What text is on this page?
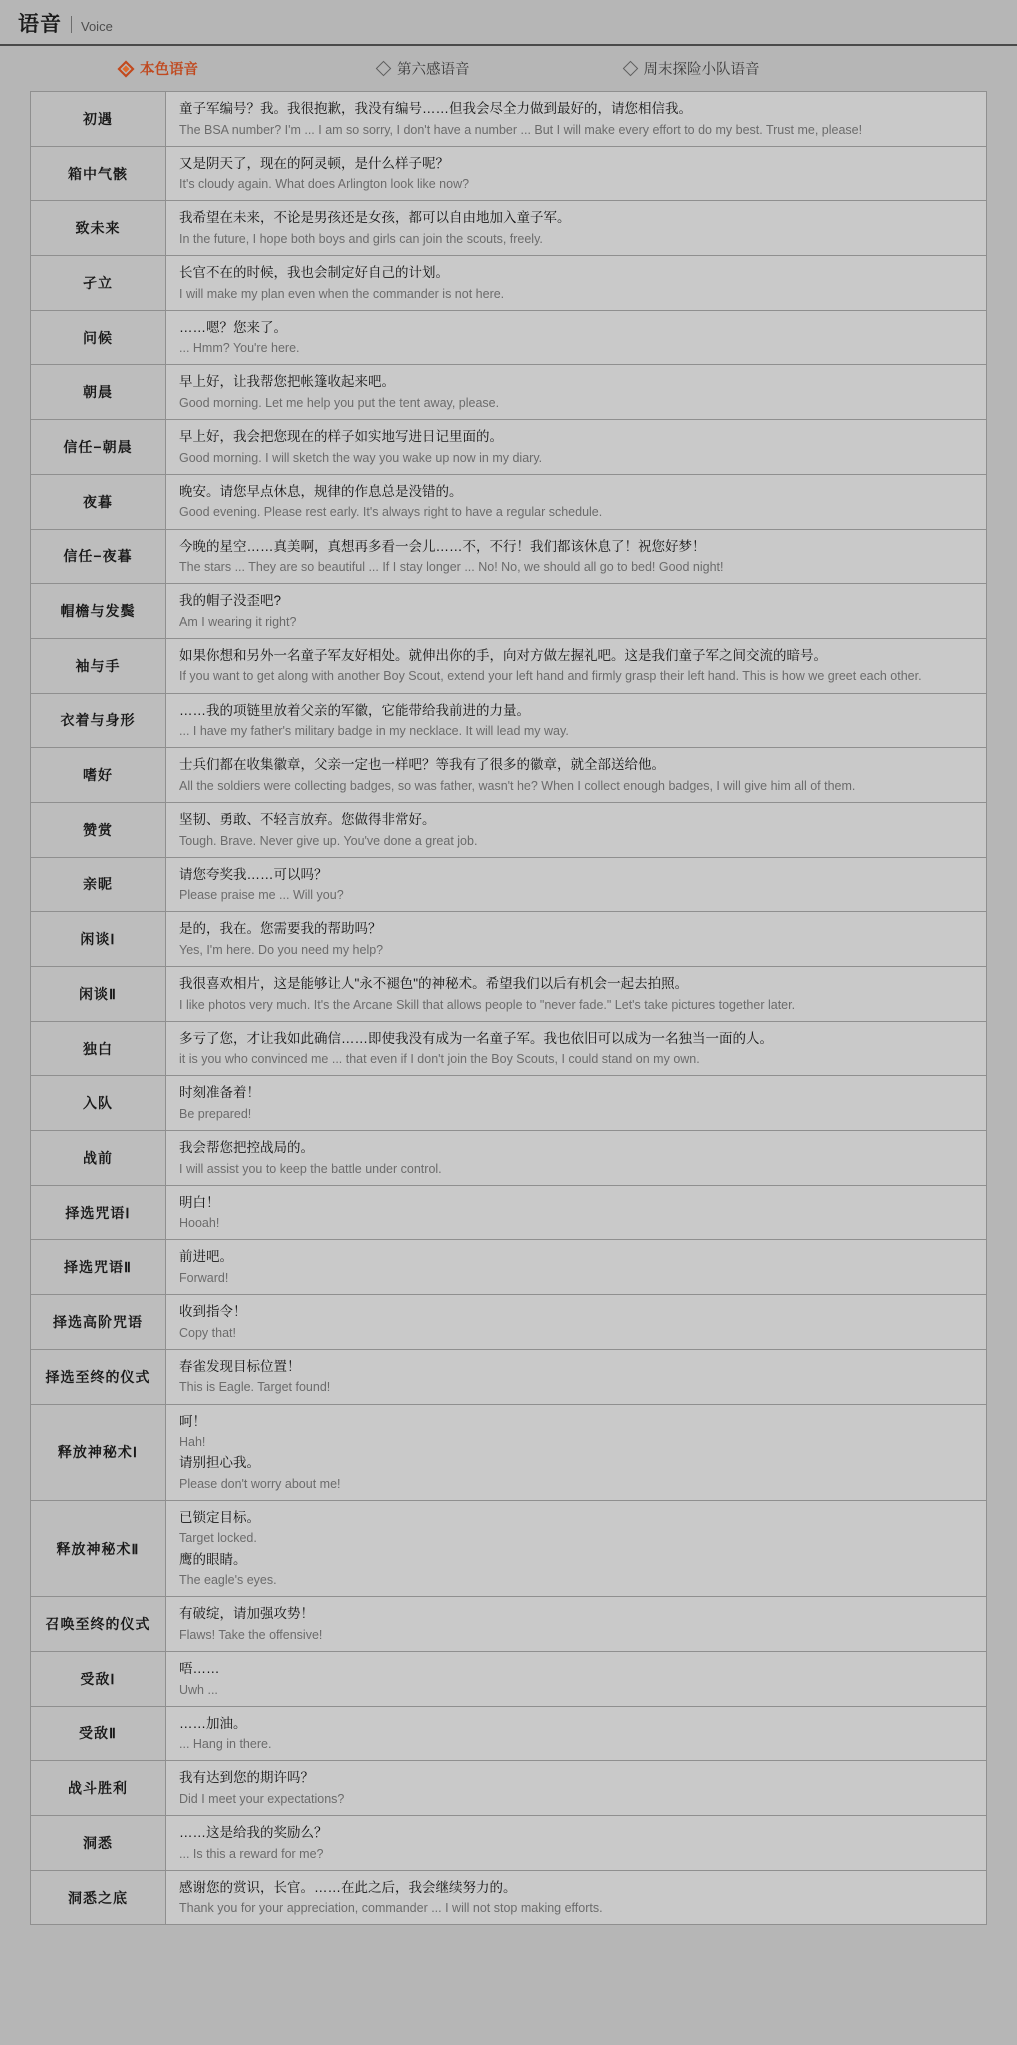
语音 Voice
本色语音	第六感语音	周末探险小队语音
初遇
童子军编号？我。我很抱歉，我没有编号……但我会尽全力做到最好的，请您相信我。
The BSA number? I'm ... I am so sorry, I don't have a number ... But I will make every effort to do my best. Trust me, please!
箱中气骸
又是阴天了，现在的阿灵顿，是什么样子呢？
It's cloudy again. What does Arlington look like now?
致未来
我希望在未来，不论是男孩还是女孩，都可以自由地加入童子军。
In the future, I hope both boys and girls can join the scouts, freely.
孑立
长官不在的时候，我也会制定好自己的计划。
I will make my plan even when the commander is not here.
问候
……嗯？您来了。
... Hmm? You're here.
朝晨
早上好，让我帮您把帐篷收起来吧。
Good morning. Let me help you put the tent away, please.
信任−朝晨
早上好，我会把您现在的样子如实地写进日记里面的。
Good morning. I will sketch the way you wake up now in my diary.
夜暮
晚安。请您早点休息，规律的作息总是没错的。
Good evening. Please rest early. It's always right to have a regular schedule.
信任−夜暮
今晚的星空……真美啊，真想再多看一会儿……不，不行！我们都该休息了！祝您好梦！
The stars ... They are so beautiful ... If I stay longer ... No! No, we should all go to bed! Good night!
帽檐与发鬓
我的帽子没歪吧?
Am I wearing it right?
袖与手
如果你想和另外一名童子军友好相处。就伸出你的手，向对方做左握礼吧。这是我们童子军之间交流的暗号。
If you want to get along with another Boy Scout, extend your left hand and firmly grasp their left hand. This is how we greet each other.
衣着与身形
……我的项链里放着父亲的军徽，它能带给我前进的力量。
... I have my father's military badge in my necklace. It will lead my way.
嗜好
士兵们都在收集徽章，父亲一定也一样吧？等我有了很多的徽章，就全部送给他。
All the soldiers were collecting badges, so was father, wasn't he? When I collect enough badges, I will give him all of them.
赞赏
坚韧、勇敢、不轻言放弃。您做得非常好。
Tough. Brave. Never give up. You've done a great job.
亲昵
请您夸奖我……可以吗？
Please praise me ... Will you?
闲谈Ⅰ
是的，我在。您需要我的帮助吗？
Yes, I'm here. Do you need my help?
闲谈Ⅱ
我很喜欢相片，这是能够让人"永不褪色"的神秘术。希望我们以后有机会一起去拍照。
I like photos very much. It's the Arcane Skill that allows people to "never fade." Let's take pictures together later.
独白
多亏了您，才让我如此确信……即使我没有成为一名童子军。我也依旧可以成为一名独当一面的人。
it is you who convinced me ... that even if I don't join the Boy Scouts, I could stand on my own.
入队
时刻准备着！
Be prepared!
战前
我会帮您把控战局的。
I will assist you to keep the battle under control.
择选咒语Ⅰ
明白！
Hooah!
择选咒语Ⅱ
前进吧。
Forward!
择选高阶咒语
收到指令！
Copy that!
择选至终的仪式
春雀发现目标位置！
This is Eagle. Target found!
释放神秘术Ⅰ
呵！
Hah!
请别担心我。
Please don't worry about me!
释放神秘术Ⅱ
已锁定目标。
Target locked.
鹰的眼睛。
The eagle's eyes.
召唤至终的仪式
有破绽，请加强攻势！
Flaws! Take the offensive!
受敌Ⅰ
唔……
Uwh ...
受敌Ⅱ
……加油。
... Hang in there.
战斗胜利
我有达到您的期许吗？
Did I meet your expectations?
洞悉
……这是给我的奖励么？
... Is this a reward for me?
洞悉之底
感谢您的赏识，长官。……在此之后，我会继续努力的。
Thank you for your appreciation, commander ... I will not stop making efforts.
